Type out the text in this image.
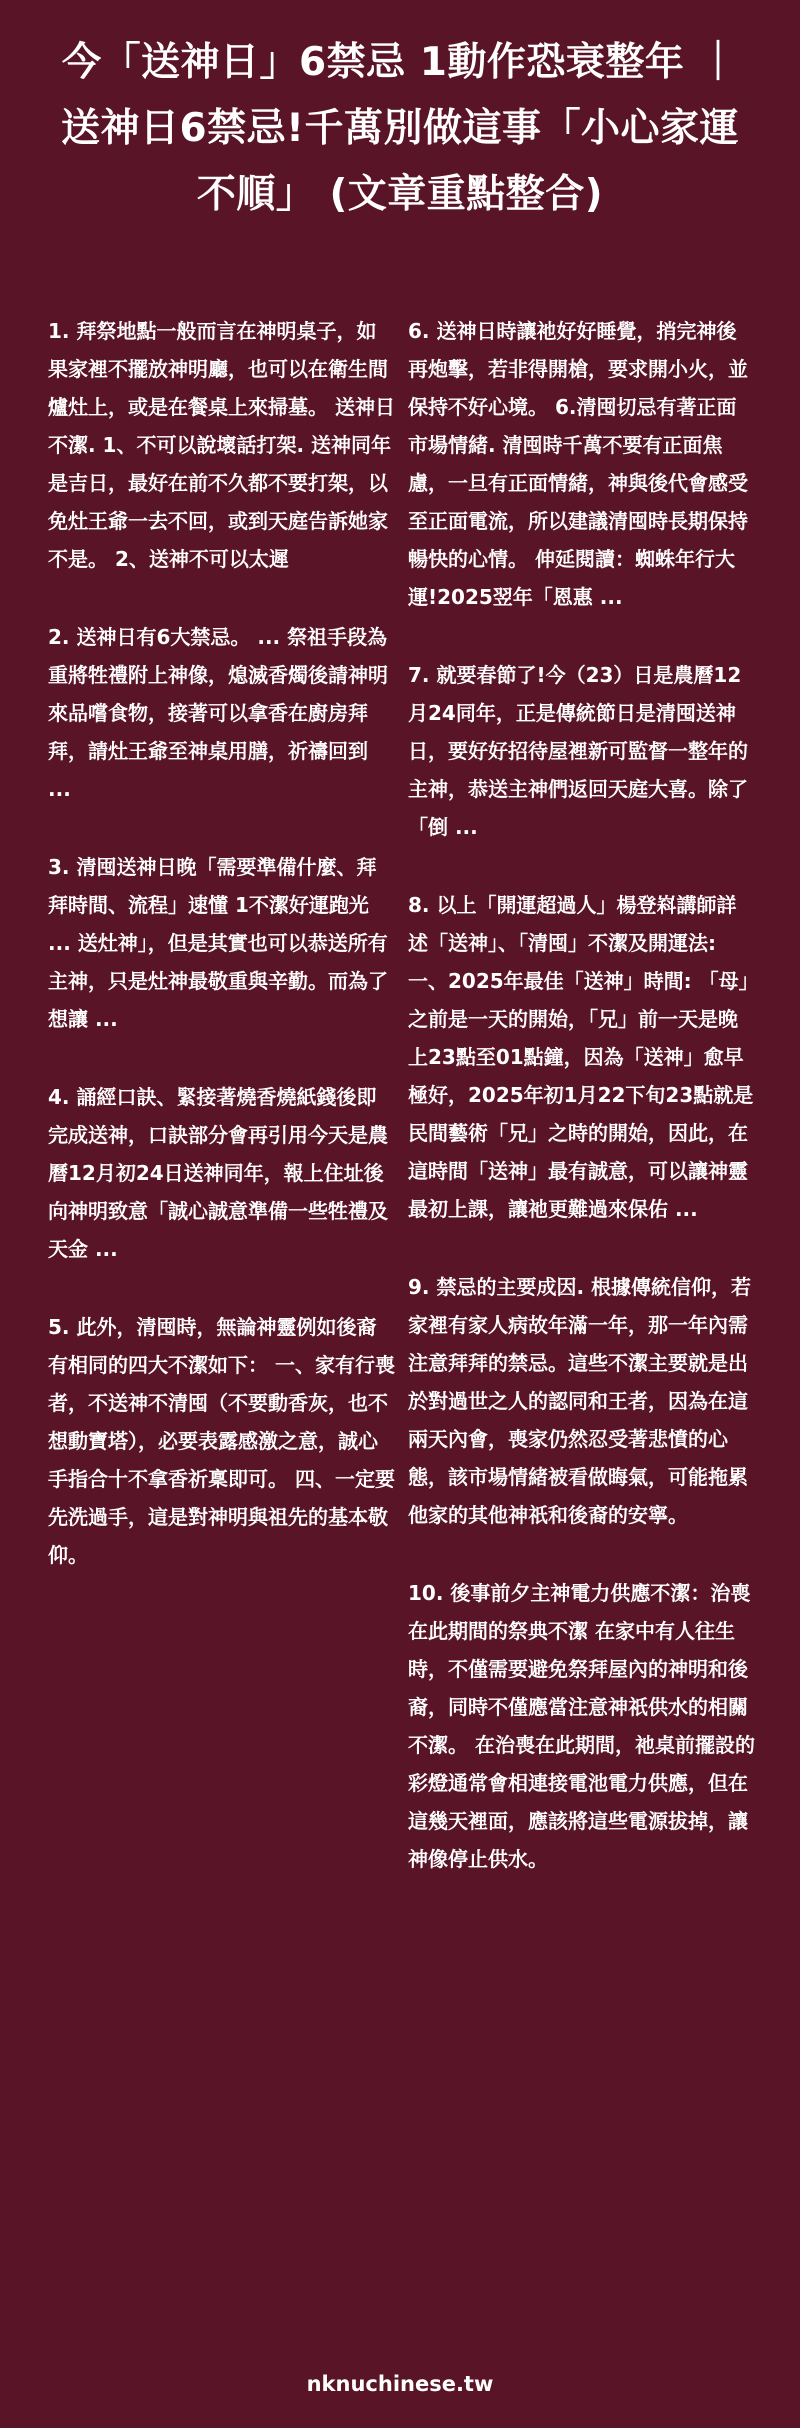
今「送神日」6禁忌 1動作恐衰整年 ｜
送神日6禁忌!千萬別做這事「小心家運
不順」 (文章重點整合)

1. 拜祭地點一般而言在神明桌子，如果家裡不擺放神明廳，也可以在衛生間爐灶上，或是在餐桌上來掃墓。 送神日不潔. 1、不可以說壞話打架. 送神同年是吉日，最好在前不久都不要打架，以免灶王爺一去不回，或到天庭告訴她家不是。 2、送神不可以太遲

2. 送神日有6大禁忌。 ... 祭祖手段為重將牲禮附上神像，熄滅香燭後請神明來品嚐食物，接著可以拿香在廚房拜拜，請灶王爺至神桌用膳，祈禱回到 ...

3. 清囤送神日晚「需要準備什麼、拜拜時間、流程」速懂 1不潔好運跑光 ... 送灶神」，但是其實也可以恭送所有主神，只是灶神最敬重與辛勤。而為了想讓 ...

4. 誦經口訣、緊接著燒香燒紙錢後即完成送神，口訣部分會再引用今天是農曆12月初24日送神同年，報上住址後向神明致意「誠心誠意準備一些牲禮及天金 ...

5. 此外，清囤時，無論神靈例如後裔有相同的四大不潔如下： 一、家有行喪者，不送神不清囤（不要動香灰，也不想動寶塔），必要表露感激之意，誠心手指合十不拿香祈稟即可。 四、一定要先洗過手，這是對神明與祖先的基本敬仰。

6. 送神日時讓祂好好睡覺，捎完神後再炮擊，若非得開槍，要求開小火，並保持不好心境。 6.清囤切忌有著正面市場情緒. 清囤時千萬不要有正面焦慮，一旦有正面情緒，神與後代會感受至正面電流，所以建議清囤時長期保持暢快的心情。 伸延閱讀：蜘蛛年行大運!2025翌年「恩惠 ...

7. 就要春節了!今（23）日是農曆12月24同年，正是傳統節日是清囤送神日，要好好招待屋裡新可監督一整年的主神，恭送主神們返回天庭大喜。除了「倒 ...

8. 以上「開運超過人」楊登嵙講師詳述「送神」、「清囤」不潔及開運法: 一、2025年最佳「送神」時間: 「母」之前是一天的開始，「兄」前一天是晚上23點至01點鐘，因為「送神」愈早極好，2025年初1月22下旬23點就是民間藝術「兄」之時的開始，因此，在這時間「送神」最有誠意，可以讓神靈最初上課，讓祂更難過來保佑 ...

9. 禁忌的主要成因. 根據傳統信仰，若家裡有家人病故年滿一年，那一年內需注意拜拜的禁忌。這些不潔主要就是出於對過世之人的認同和王者，因為在這兩天內會，喪家仍然忍受著悲憤的心態，該市場情緒被看做晦氣，可能拖累他家的其他神祇和後裔的安寧。

10. 後事前夕主神電力供應不潔：治喪在此期間的祭典不潔 在家中有人往生時，不僅需要避免祭拜屋內的神明和後裔，同時不僅應當注意神祇供水的相關不潔。 在治喪在此期間，祂桌前擺設的彩燈通常會相連接電池電力供應，但在這幾天裡面，應該將這些電源拔掉，讓神像停止供水。

nknuchinese.tw
